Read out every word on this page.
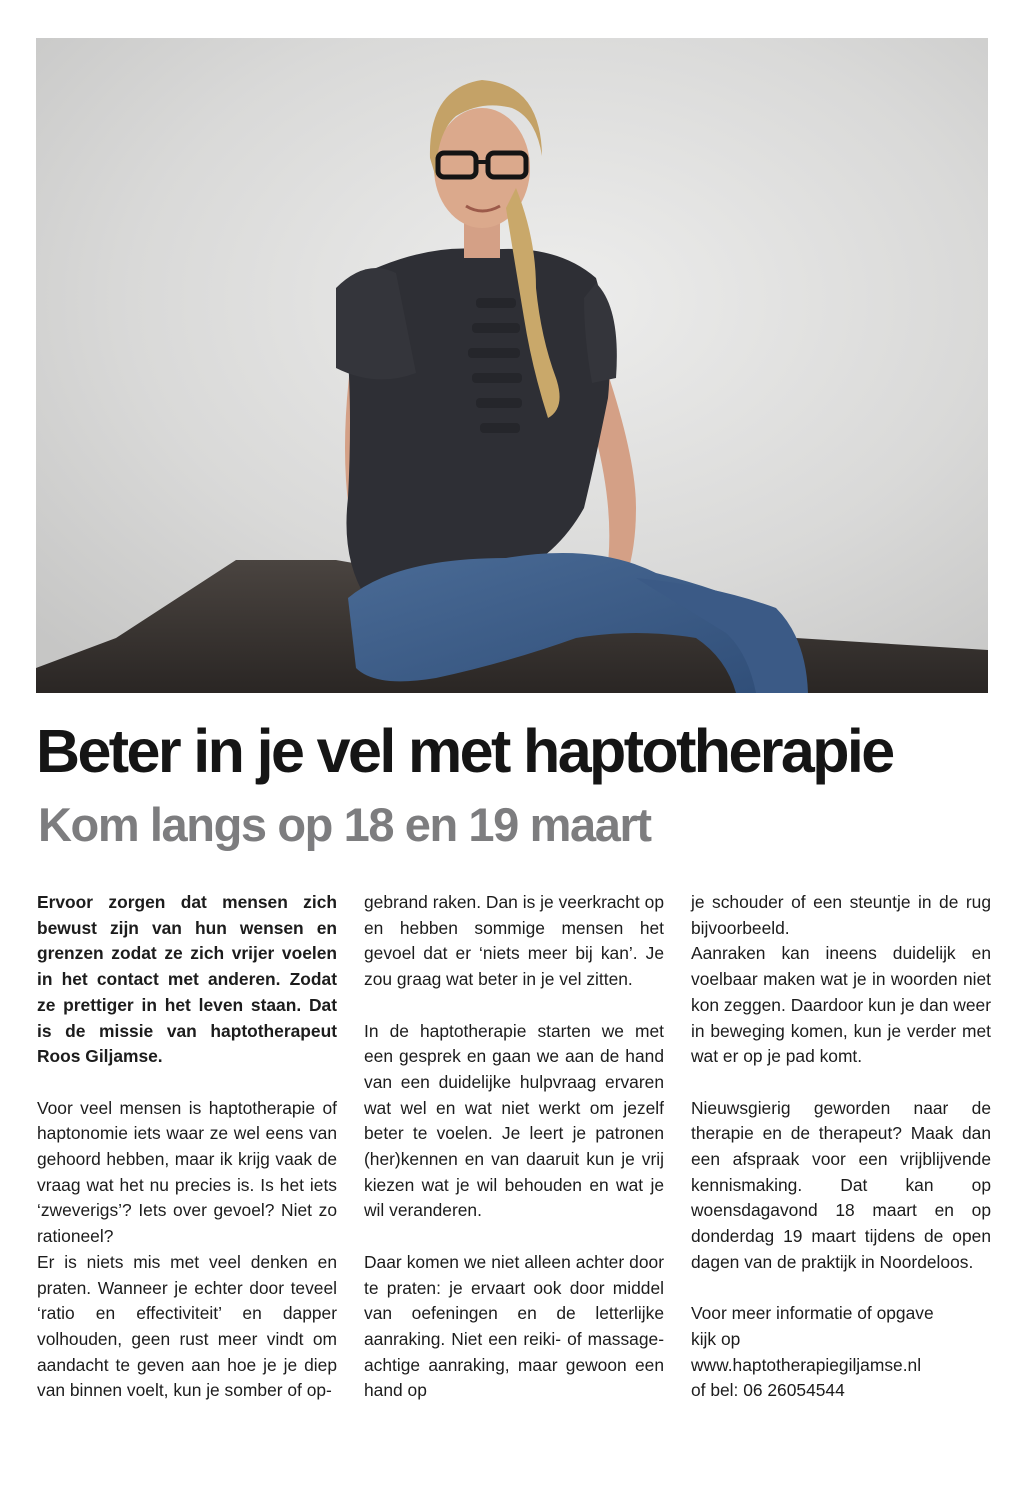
Beter in je vel met haptotherapie
Kom langs op 18 en 19 maart

Ervoor zorgen dat mensen zich bewust zijn van hun wensen en grenzen zodat ze zich vrijer voelen in het contact met anderen. Zodat ze prettiger in het leven staan. Dat is de missie van haptotherapeut Roos Giljamse.

Voor veel mensen is haptotherapie of haptonomie iets waar ze wel eens van gehoord hebben, maar ik krijg vaak de vraag wat het nu precies is. Is het iets ‘zweverigs’? Iets over gevoel? Niet zo rationeel?

Er is niets mis met veel denken en praten. Wanneer je echter door teveel ‘ratio en effectiviteit’ en dapper volhouden, geen rust meer vindt om aandacht te geven aan hoe je je diep van binnen voelt, kun je somber of op-

gebrand raken. Dan is je veerkracht op en hebben sommige mensen het gevoel dat er ‘niets meer bij kan’. Je zou graag wat beter in je vel zitten.

In de haptotherapie starten we met een gesprek en gaan we aan de hand van een duidelijke hulpvraag ervaren wat wel en wat niet werkt om jezelf beter te voelen. Je leert je patronen (her)kennen en van daaruit kun je vrij kiezen wat je wil behouden en wat je wil veranderen.

Daar komen we niet alleen achter door te praten: je ervaart ook door middel van oefeningen en de letterlijke aanraking. Niet een reiki- of massage-achtige aanraking, maar gewoon een hand op

je schouder of een steuntje in de rug bijvoorbeeld.

Aanraken kan ineens duidelijk en voelbaar maken wat je in woorden niet kon zeggen. Daardoor kun je dan weer in beweging komen, kun je verder met wat er op je pad komt.

Nieuwsgierig geworden naar de therapie en de therapeut? Maak dan een afspraak voor een vrijblijvende kennismaking. Dat kan op woensdagavond 18 maart en op donderdag 19 maart tijdens de open dagen van de praktijk in Noordeloos.

Voor meer informatie of opgave
kijk op
www.haptotherapiegiljamse.nl
of bel: 06 26054544
